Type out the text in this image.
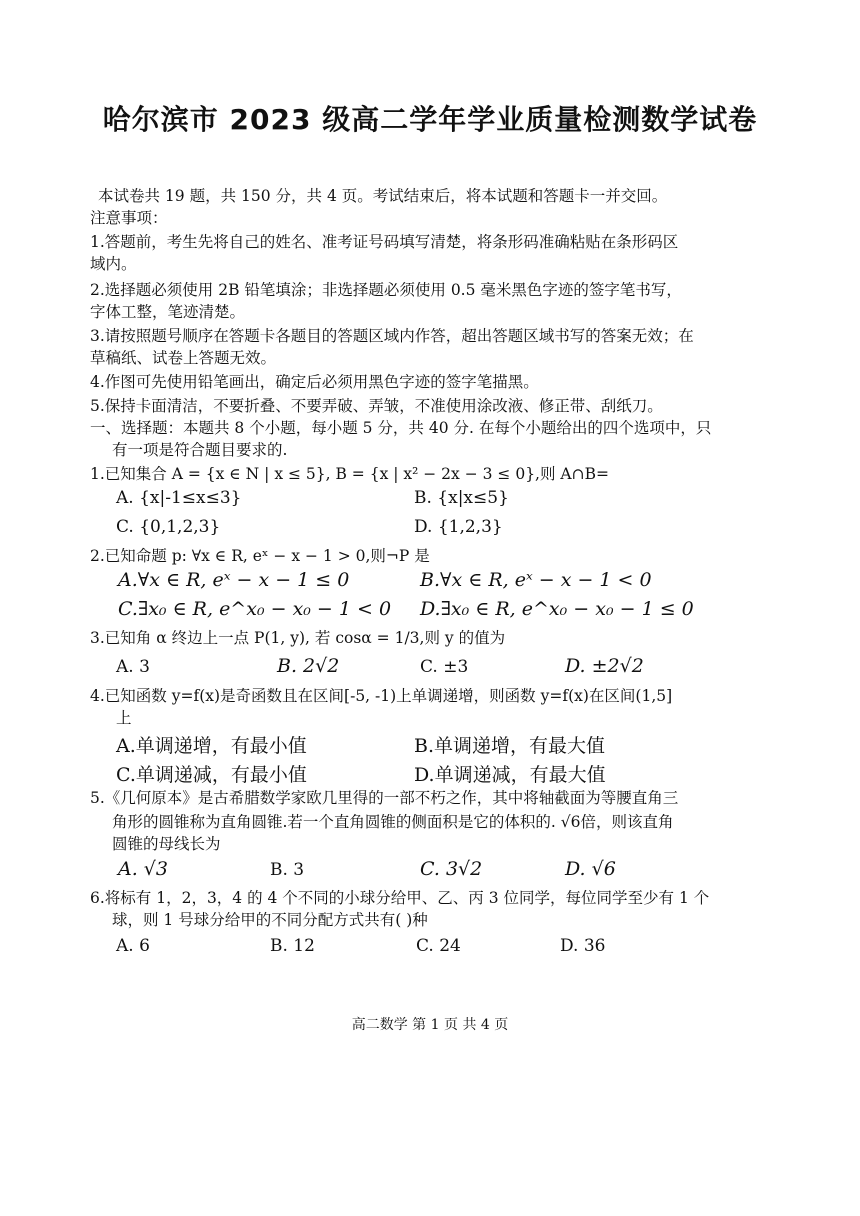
哈尔滨市 2023 级高二学年学业质量检测数学试卷
本试卷共 19 题，共 150 分，共 4 页。考试结束后，将本试题和答题卡一并交回。
注意事项：
1.答题前，考生先将自己的姓名、准考证号码填写清楚，将条形码准确粘贴在条形码区
域内。
2.选择题必须使用 2B 铅笔填涂；非选择题必须使用 0.5 毫米黑色字迹的签字笔书写，
字体工整，笔迹清楚。
3.请按照题号顺序在答题卡各题目的答题区域内作答，超出答题区域书写的答案无效；在
草稿纸、试卷上答题无效。
4.作图可先使用铅笔画出，确定后必须用黑色字迹的签字笔描黑。
5.保持卡面清洁，不要折叠、不要弄破、弄皱，不准使用涂改液、修正带、刮纸刀。
一、选择题：本题共 8 个小题，每小题 5 分，共 40 分. 在每个小题给出的四个选项中，只
有一项是符合题目要求的.
1.已知集合 A = {x ∈ N | x ≤ 5}, B = {x | x² − 2x − 3 ≤ 0},则 A∩B=
A. {x|-1≤x≤3}	B. {x|x≤5}
C. {0,1,2,3}	D. {1,2,3}
2.已知命题 p: ∀x ∈ R, eˣ − x − 1 > 0,则¬P 是
A.∀x ∈ R, eˣ − x − 1 ≤ 0	B.∀x ∈ R, eˣ − x − 1 < 0
C.∃x₀ ∈ R, e^x₀ − x₀ − 1 < 0 D.∃x₀ ∈ R, e^x₀ − x₀ − 1 ≤ 0
3.已知角 α 终边上一点 P(1, y), 若 cosα = 1/3,则 y 的值为
A. 3	B. 2√2	C. ±3	D. ±2√2
4.已知函数 y=f(x)是奇函数且在区间[-5, -1)上单调递增，则函数 y=f(x)在区间(1,5]
上
A.单调递增，有最小值	B.单调递增，有最大值
C.单调递减，有最小值	D.单调递减，有最大值
5.《几何原本》是古希腊数学家欧几里得的一部不朽之作，其中将轴截面为等腰直角三
角形的圆锥称为直角圆锥.若一个直角圆锥的侧面积是它的体积的. √6倍，则该直角
圆锥的母线长为
A. √3	B. 3	C. 3√2	D. √6
6.将标有 1，2，3，4 的 4 个不同的小球分给甲、乙、丙 3 位同学，每位同学至少有 1 个
球，则 1 号球分给甲的不同分配方式共有( )种
A. 6	B. 12	C. 24	D. 36
高二数学 第 1 页 共 4 页
